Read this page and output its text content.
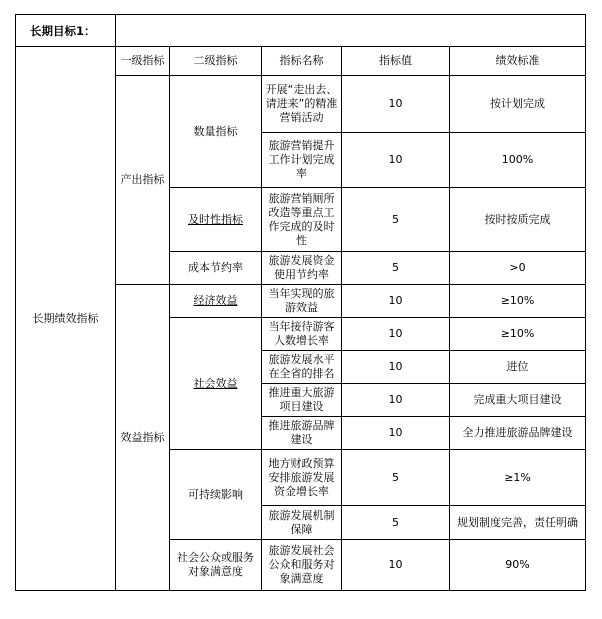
长期目标1：					
长期绩效指标	一级指标	二级指标	指标名称	指标值	绩效标准
	产出指标	数量指标	开展“走出去、请进来”的精准营销活动	10	按计划完成
			旅游营销提升工作计划完成率	10	100%
		及时性指标	旅游营销厕所改造等重点工作完成的及时性	5	按时按质完成
		成本节约率	旅游发展资金使用节约率	5	>0
	效益指标	经济效益	当年实现的旅游效益	10	≥10%
		社会效益	当年接待游客人数增长率	10	≥10%
			旅游发展水平在全省的排名	10	进位
			推进重大旅游项目建设	10	完成重大项目建设
			推进旅游品牌建设	10	全力推进旅游品牌建设
		可持续影响	地方财政预算安排旅游发展资金增长率	5	≥1%
			旅游发展机制保障	5	规划制度完善，责任明确
		社会公众或服务对象满意度	旅游发展社会公众和服务对象满意度	10	90%
